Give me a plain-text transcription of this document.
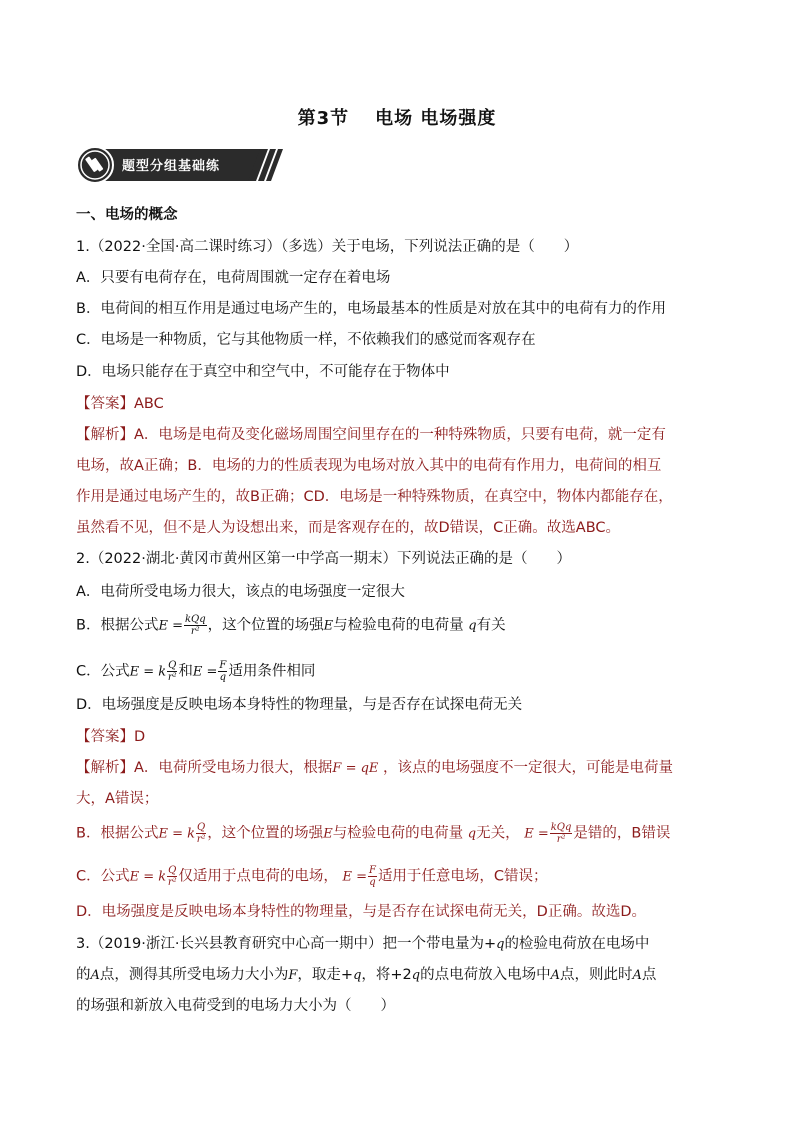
第3节 电场 电场强度
题型分组基础练
一、电场的概念
1.（2022·全国·高二课时练习）（多选）关于电场，下列说法正确的是（　　）
A．只要有电荷存在，电荷周围就一定存在着电场
B．电荷间的相互作用是通过电场产生的，电场最基本的性质是对放在其中的电荷有力的作用
C．电场是一种物质，它与其他物质一样，不依赖我们的感觉而客观存在
D．电场只能存在于真空中和空气中，不可能存在于物体中
【答案】ABC
【解析】A．电场是电荷及变化磁场周围空间里存在的一种特殊物质，只要有电荷，就一定有
电场，故A正确；B．电场的力的性质表现为电场对放入其中的电荷有作用力，电荷间的相互
作用是通过电场产生的，故B正确；CD．电场是一种特殊物质，在真空中，物体内都能存在，
虽然看不见，但不是人为设想出来，而是客观存在的，故D错误，C正确。故选ABC。
2.（2022·湖北·黄冈市黄州区第一中学高一期末）下列说法正确的是（　　）
A．电荷所受电场力很大，该点的电场强度一定很大
B．根据公式$E = \frac{\text{kQq}}{\text{r²}}$ ，这个位置的场强E与检验电荷的电荷量 q有关
C．公式E = k $\frac{Q}{\text{r²}}$ 和$E = \frac{F}{q}$ 适用条件相同
D．电场强度是反映电场本身特性的物理量，与是否存在试探电荷无关
【答案】D
【解析】A．电荷所受电场力很大，根据F = qE ，该点的电场强度不一定很大，可能是电荷量
大，A错误；
B．根据公式E = k $\frac{Q}{\text{r²}}$ ，这个位置的场强E与检验电荷的电荷量 q无关， $E = \frac{\text{kQq}}{\text{r²}}$ 是错的，B错误
C．公式E = k $\frac{Q}{\text{r²}}$ 仅适用于点电荷的电场， $E = \frac{F}{q}$ 适用于任意电场，C错误；
D．电场强度是反映电场本身特性的物理量，与是否存在试探电荷无关，D正确。故选D。
3.（2019·浙江·长兴县教育研究中心高一期中）把一个带电量为+q的检验电荷放在电场中
的A点，测得其所受电场力大小为F，取走+q，将+2q的点电荷放入电场中A点，则此时A点
的场强和新放入电荷受到的电场力大小为（　　）
